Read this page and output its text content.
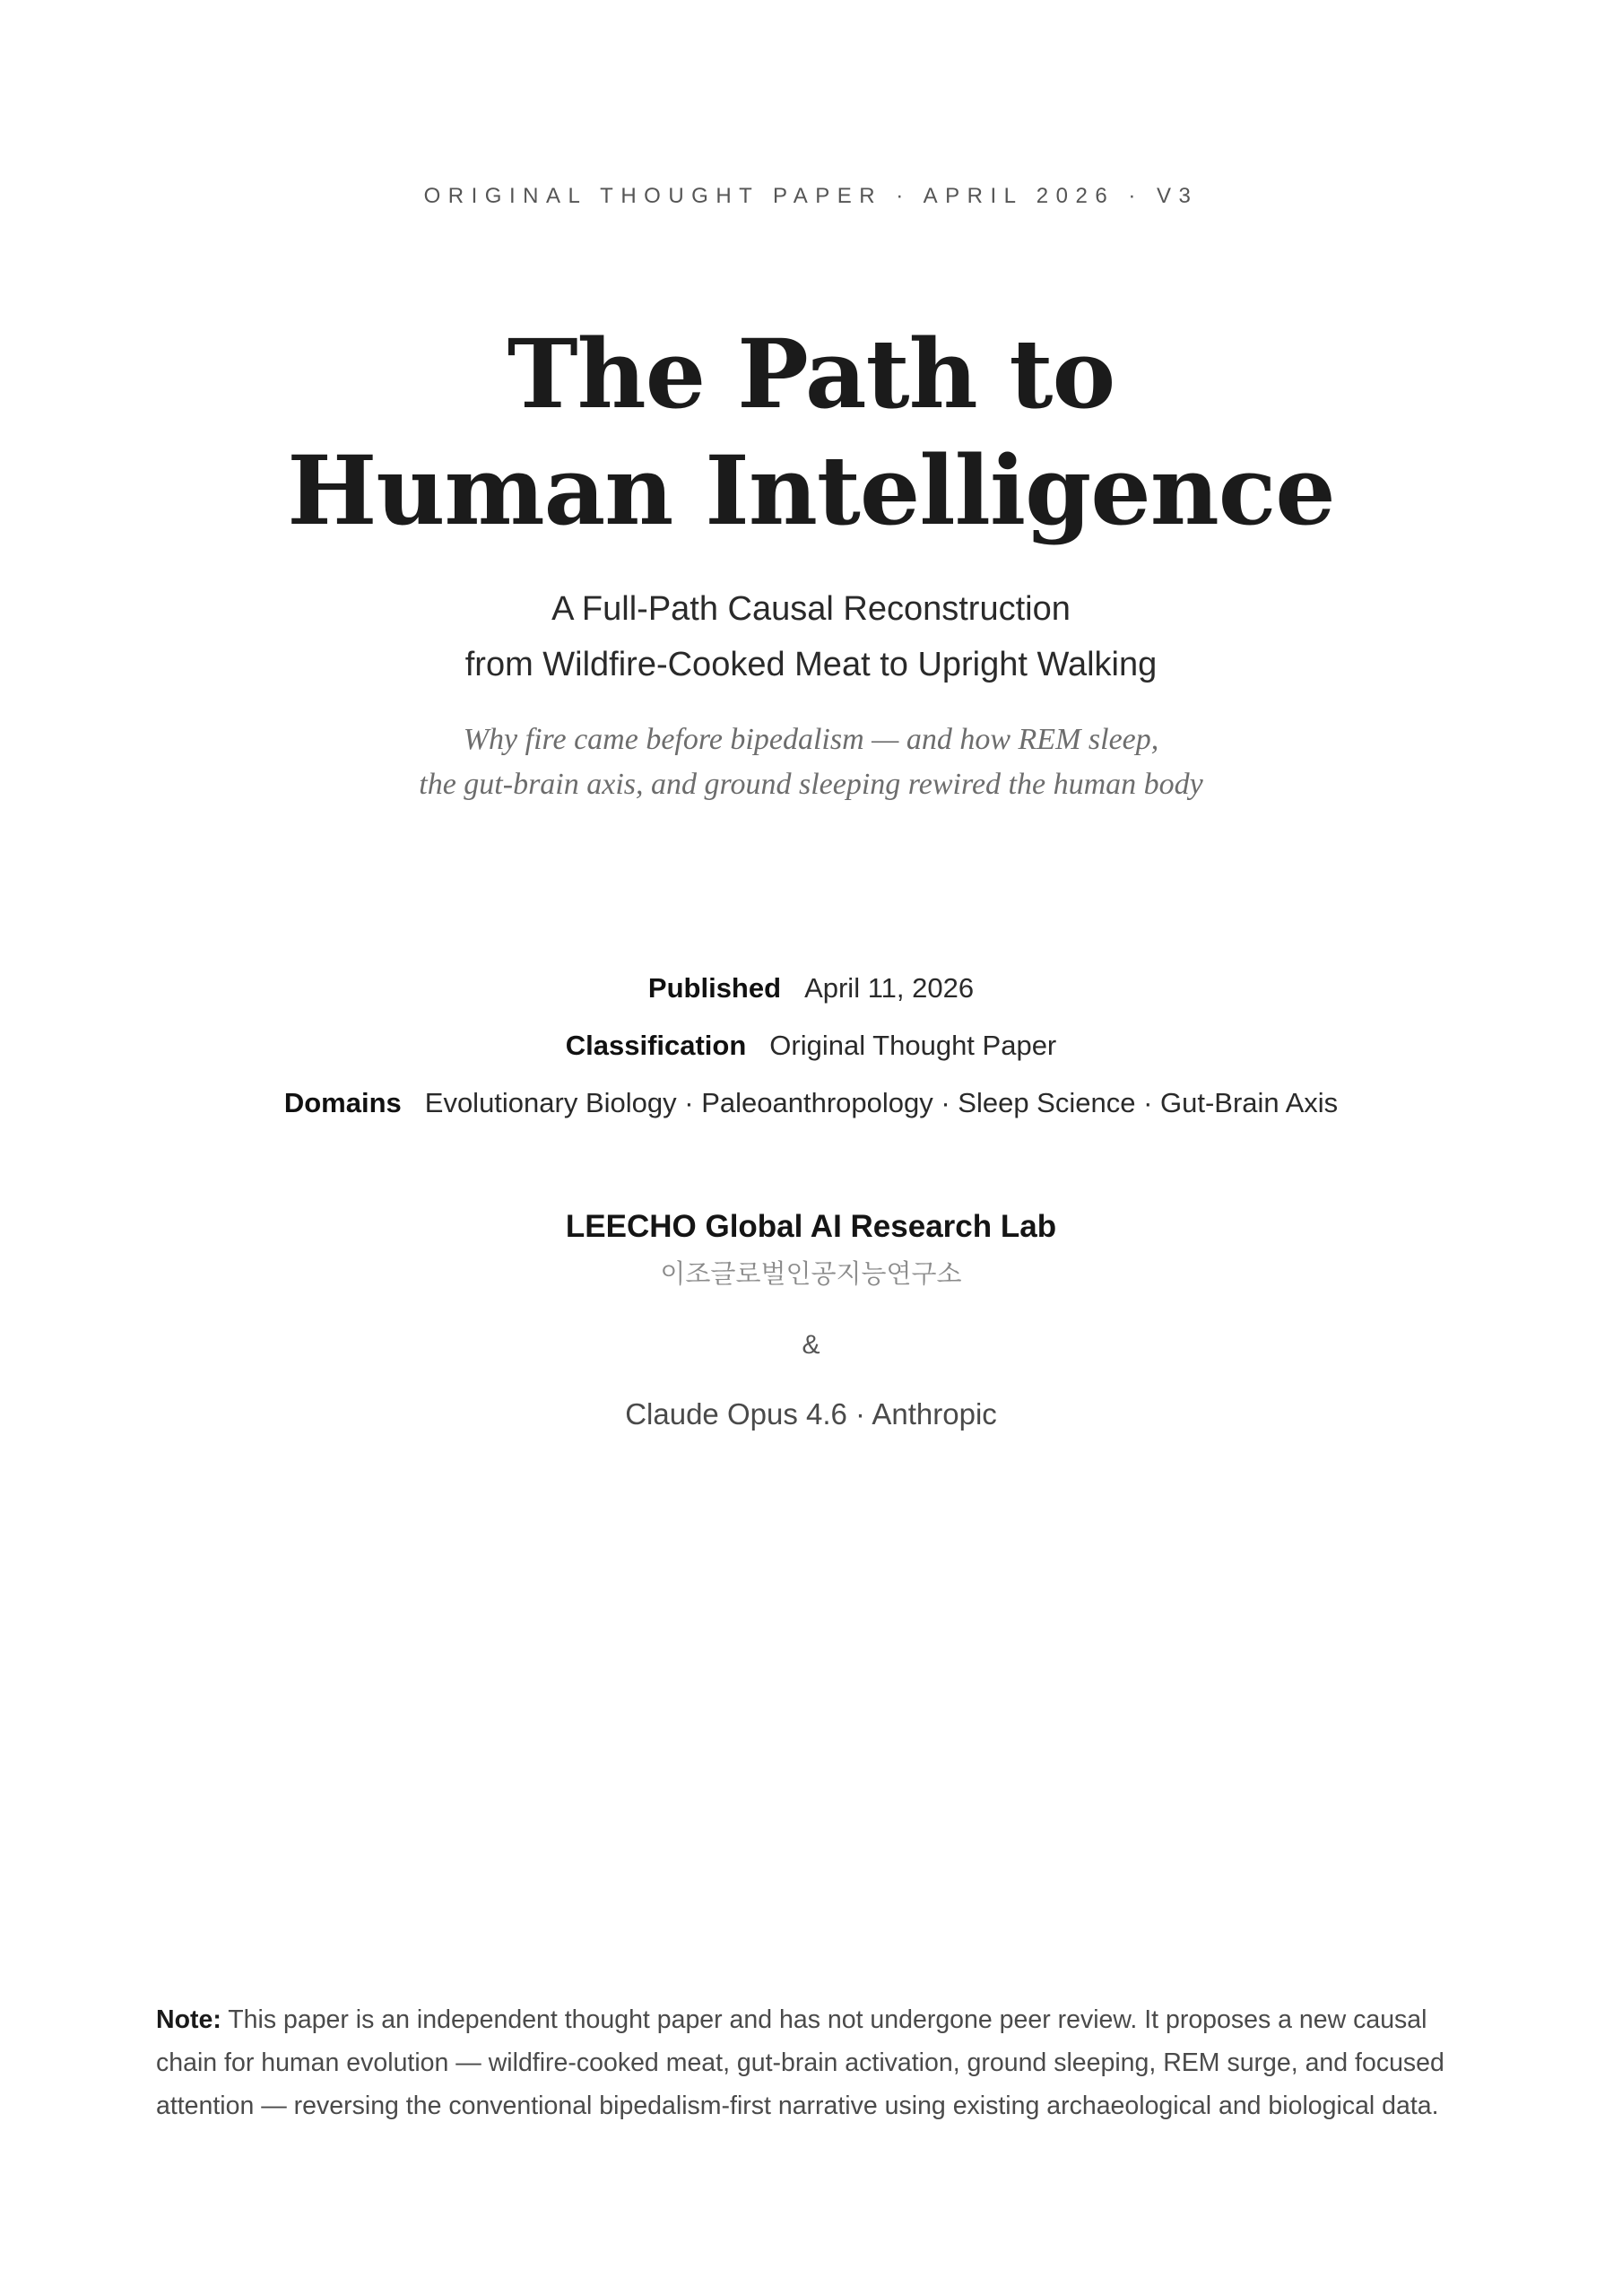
ORIGINAL THOUGHT PAPER · APRIL 2026 · V3
The Path to
Human Intelligence
A Full-Path Causal Reconstruction
from Wildfire-Cooked Meat to Upright Walking
Why fire came before bipedalism — and how REM sleep,
the gut-brain axis, and ground sleeping rewired the human body
Published April 11, 2026
Classification Original Thought Paper
Domains Evolutionary Biology · Paleoanthropology · Sleep Science · Gut-Brain Axis
LEECHO Global AI Research Lab
이조글로벌인공지능연구소
&
Claude Opus 4.6 · Anthropic

Note: This paper is an independent thought paper and has not undergone peer review. It proposes a new causal chain for human evolution — wildfire-cooked meat, gut-brain activation, ground sleeping, REM surge, and focused attention — reversing the conventional bipedalism-first narrative using existing archaeological and biological data.
